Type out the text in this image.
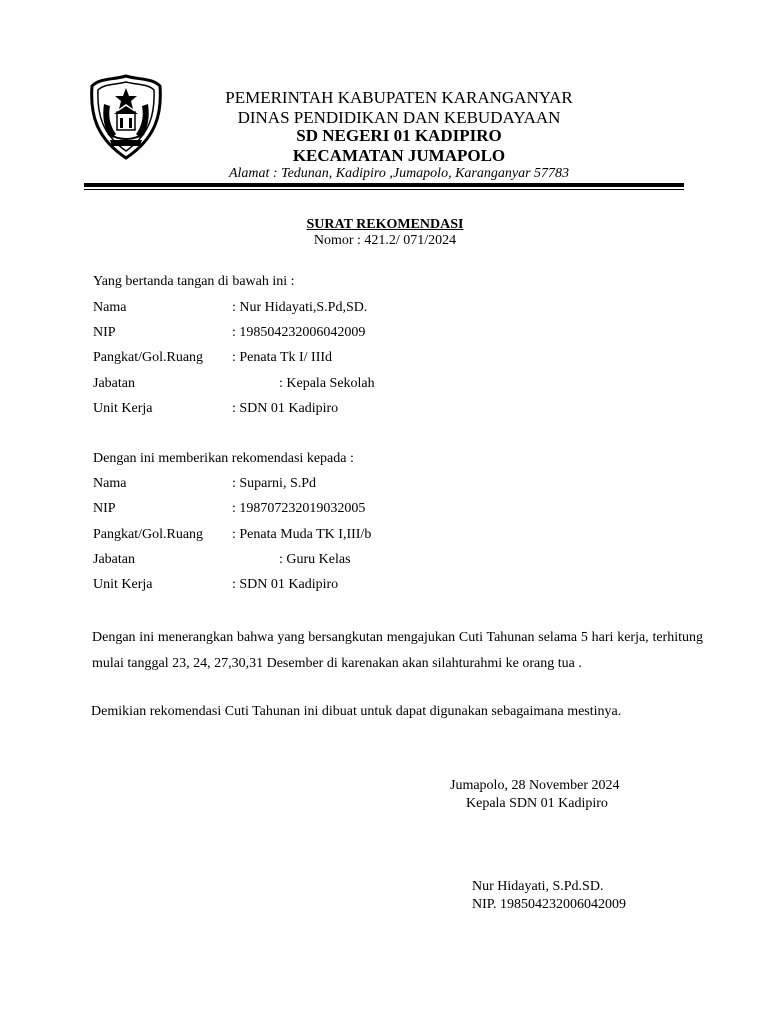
PEMERINTAH KABUPATEN KARANGANYAR
DINAS PENDIDIKAN DAN KEBUDAYAAN
SD NEGERI 01 KADIPIRO
KECAMATAN JUMAPOLO
Alamat : Tedunan, Kadipiro ,Jumapolo, Karanganyar 57783
SURAT REKOMENDASI
Nomor : 421.2/ 071/2024
Yang bertanda tangan di bawah ini :
Nama	: Nur Hidayati,S.Pd,SD.
NIP	: 198504232006042009
Pangkat/Gol.Ruang : Penata Tk I/ IIId
Jabatan	: Kepala Sekolah
Unit Kerja	: SDN 01 Kadipiro
Dengan ini memberikan rekomendasi kepada :
Nama	: Suparni, S.Pd
NIP	: 198707232019032005
Pangkat/Gol.Ruang : Penata Muda TK I,III/b
Jabatan	: Guru Kelas
Unit Kerja	: SDN 01 Kadipiro
Dengan ini menerangkan bahwa yang bersangkutan mengajukan Cuti Tahunan selama 5 hari kerja, terhitung mulai tanggal 23, 24, 27,30,31 Desember di karenakan akan silahturahmi ke orang tua .
Demikian rekomendasi Cuti Tahunan ini dibuat untuk dapat digunakan sebagaimana mestinya.
Jumapolo, 28 November 2024
Kepala SDN 01 Kadipiro
Nur Hidayati, S.Pd.SD.
NIP. 198504232006042009
